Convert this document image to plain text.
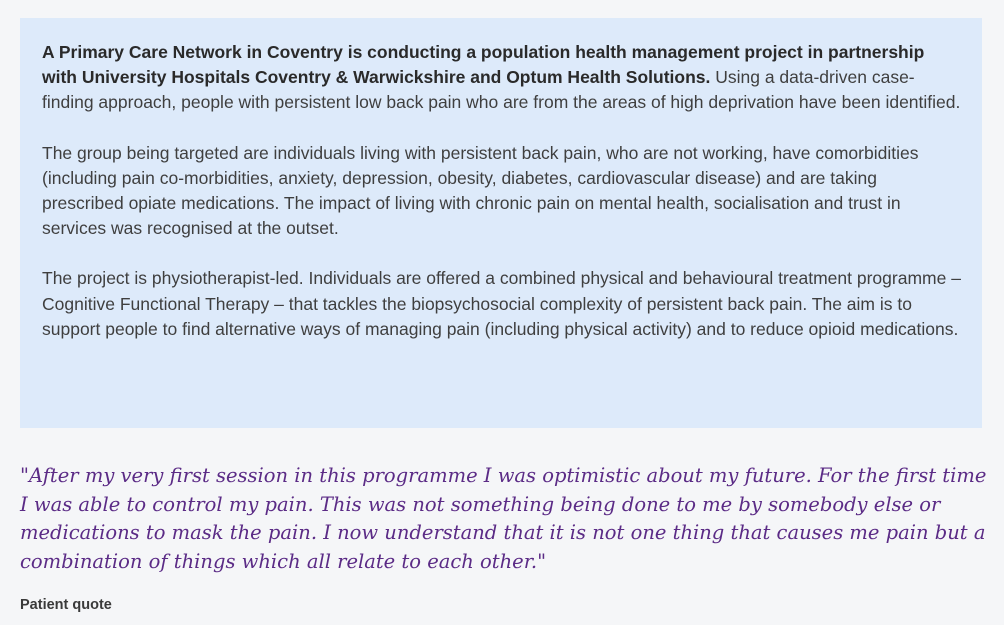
A Primary Care Network in Coventry is conducting a population health management project in partnership with University Hospitals Coventry & Warwickshire and Optum Health Solutions. Using a data-driven case-finding approach, people with persistent low back pain who are from the areas of high deprivation have been identified.

The group being targeted are individuals living with persistent back pain, who are not working, have comorbidities (including pain co-morbidities, anxiety, depression, obesity, diabetes, cardiovascular disease) and are taking prescribed opiate medications. The impact of living with chronic pain on mental health, socialisation and trust in services was recognised at the outset.

The project is physiotherapist-led. Individuals are offered a combined physical and behavioural treatment programme – Cognitive Functional Therapy – that tackles the biopsychosocial complexity of persistent back pain. The aim is to support people to find alternative ways of managing pain (including physical activity) and to reduce opioid medications.

"After my very first session in this programme I was optimistic about my future. For the first time I was able to control my pain. This was not something being done to me by somebody else or medications to mask the pain. I now understand that it is not one thing that causes me pain but a combination of things which all relate to each other."

Patient quote
